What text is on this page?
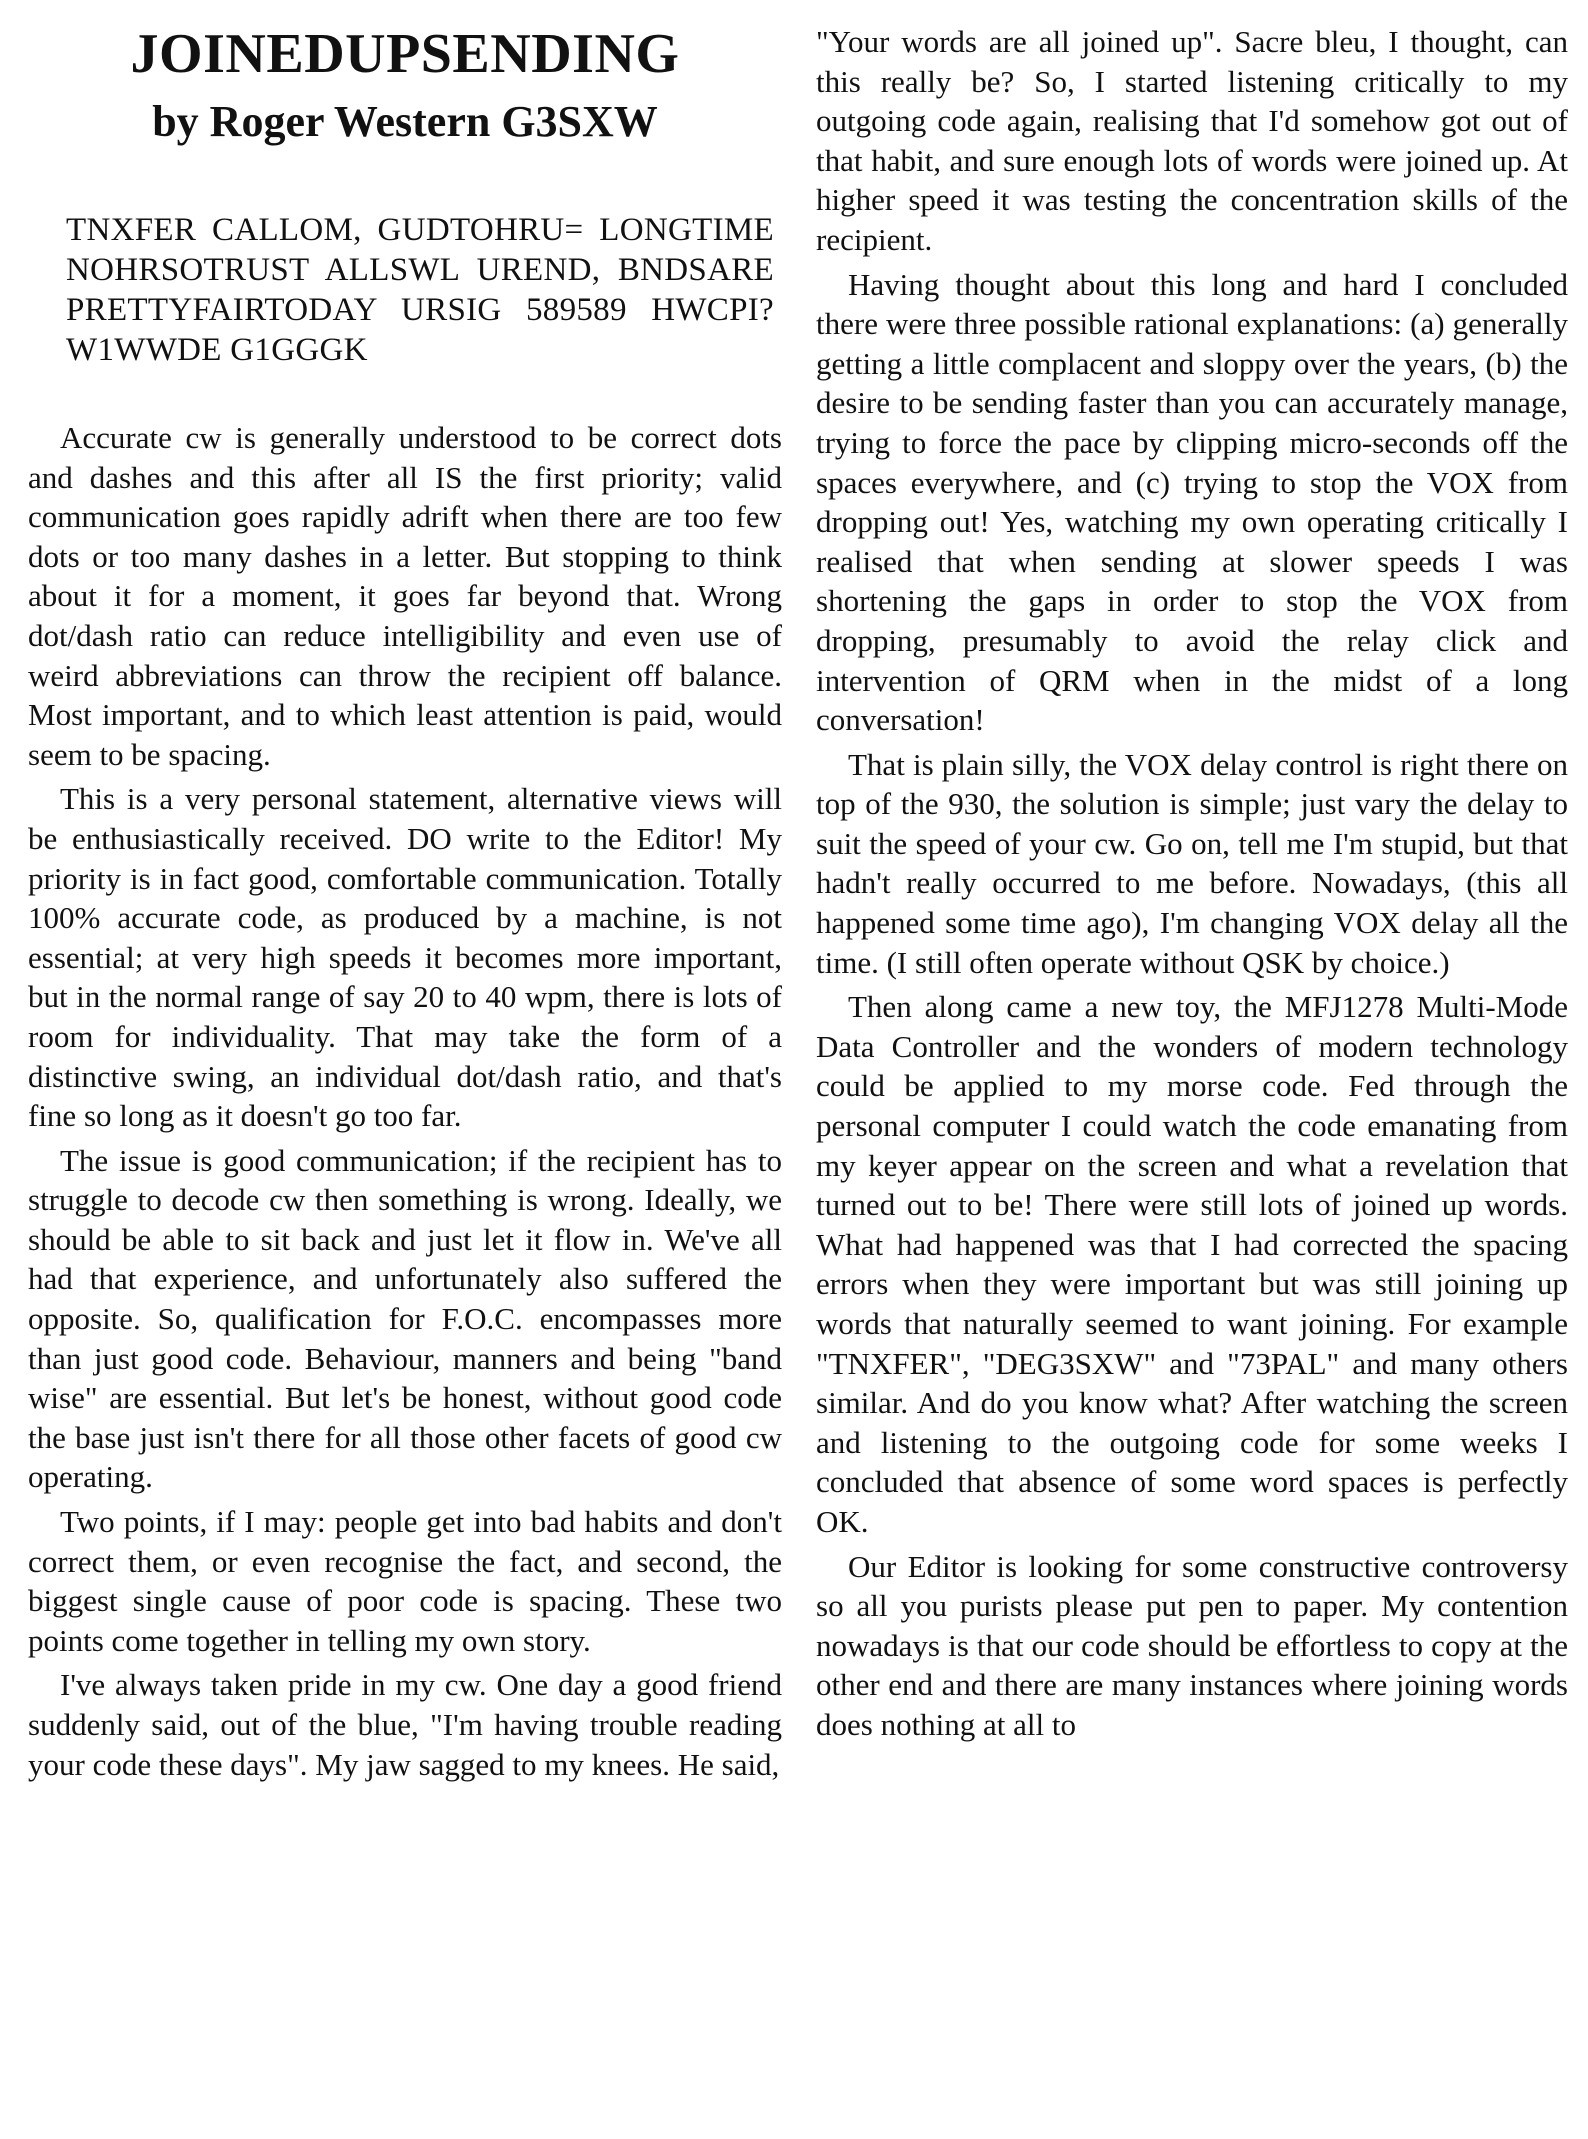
JOINEDUPSENDING
by Roger Western G3SXW

TNXFER CALLOM, GUDTOHRU= LONGTIME NOHRSOTRUST ALLSWL UREND, BNDSARE PRETTYFAIRTODAY URSIG 589589 HWCPI?W1WWDE G1GGGK

Accurate cw is generally understood to be correct dots and dashes and this after all IS the first priority; valid communication goes rapidly adrift when there are too few dots or too many dashes in a letter. But stopping to think about it for a moment, it goes far beyond that. Wrong dot/dash ratio can reduce intelligibility and even use of weird abbreviations can throw the recipient off balance. Most important, and to which least attention is paid, would seem to be spacing.

This is a very personal statement, alternative views will be enthusiastically received. DO write to the Editor! My priority is in fact good, comfortable communication. Totally 100% accurate code, as produced by a machine, is not essential; at very high speeds it becomes more important, but in the normal range of say 20 to 40 wpm, there is lots of room for individuality. That may take the form of a distinctive swing, an individual dot/dash ratio, and that's fine so long as it doesn't go too far.

The issue is good communication; if the recipient has to struggle to decode cw then something is wrong. Ideally, we should be able to sit back and just let it flow in. We've all had that experience, and unfortunately also suffered the opposite. So, qualification for F.O.C. encompasses more than just good code. Behaviour, manners and being "band wise" are essential. But let's be honest, without good code the base just isn't there for all those other facets of good cw operating.

Two points, if I may: people get into bad habits and don't correct them, or even recognise the fact, and second, the biggest single cause of poor code is spacing. These two points come together in telling my own story.

I've always taken pride in my cw. One day a good friend suddenly said, out of the blue, "I'm having trouble reading your code these days". My jaw sagged to my knees. He said,

"Your words are all joined up". Sacre bleu, I thought, can this really be? So, I started listening critically to my outgoing code again, realising that I'd somehow got out of that habit, and sure enough lots of words were joined up. At higher speed it was testing the concentration skills of the recipient.

Having thought about this long and hard I concluded there were three possible rational explanations: (a) generally getting a little complacent and sloppy over the years, (b) the desire to be sending faster than you can accurately manage, trying to force the pace by clipping micro-seconds off the spaces everywhere, and (c) trying to stop the VOX from dropping out! Yes, watching my own operating critically I realised that when sending at slower speeds I was shortening the gaps in order to stop the VOX from dropping, presumably to avoid the relay click and intervention of QRM when in the midst of a long conversation!

That is plain silly, the VOX delay control is right there on top of the 930, the solution is simple; just vary the delay to suit the speed of your cw. Go on, tell me I'm stupid, but that hadn't really occurred to me before. Nowadays, (this all happened some time ago), I'm changing VOX delay all the time. (I still often operate without QSK by choice.)

Then along came a new toy, the MFJ1278 Multi-Mode Data Controller and the wonders of modern technology could be applied to my morse code. Fed through the personal computer I could watch the code emanating from my keyer appear on the screen and what a revelation that turned out to be! There were still lots of joined up words. What had happened was that I had corrected the spacing errors when they were important but was still joining up words that naturally seemed to want joining. For example "TNXFER", "DEG3SXW" and "73PAL" and many others similar. And do you know what? After watching the screen and listening to the outgoing code for some weeks I concluded that absence of some word spaces is perfectly OK.

Our Editor is looking for some constructive controversy so all you purists please put pen to paper. My contention nowadays is that our code should be effortless to copy at the other end and there are many instances where joining words does nothing at all to
